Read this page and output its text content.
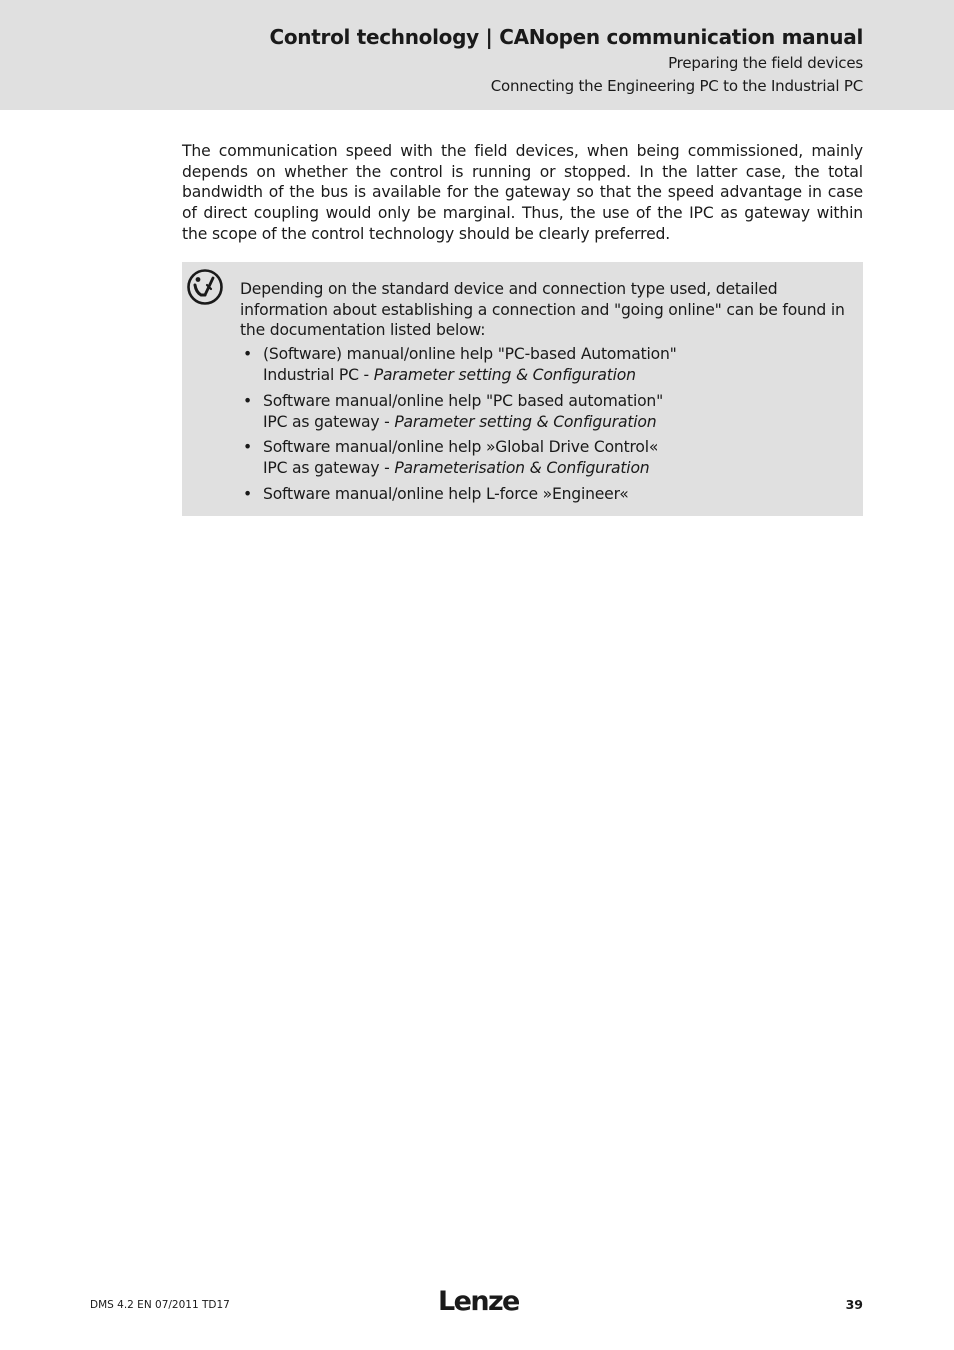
Control technology | CANopen communication manual
Preparing the field devices
Connecting the Engineering PC to the Industrial PC

The communication speed with the field devices, when being commissioned, mainly depends on whether the control is running or stopped. In the latter case, the total bandwidth of the bus is available for the gateway so that the speed advantage in case of direct coupling would only be marginal. Thus, the use of the IPC as gateway within the scope of the control technology should be clearly preferred.

Depending on the standard device and connection type used, detailed information about establishing a connection and "going online" can be found in the documentation listed below:
• (Software) manual/online help "PC-based Automation"
Industrial PC - Parameter setting & Configuration
• Software manual/online help "PC based automation"
IPC as gateway - Parameter setting & Configuration
• Software manual/online help »Global Drive Control«
IPC as gateway - Parameterisation & Configuration
• Software manual/online help L-force »Engineer«
DMS 4.2 EN 07/2011 TD17	Lenze	39
